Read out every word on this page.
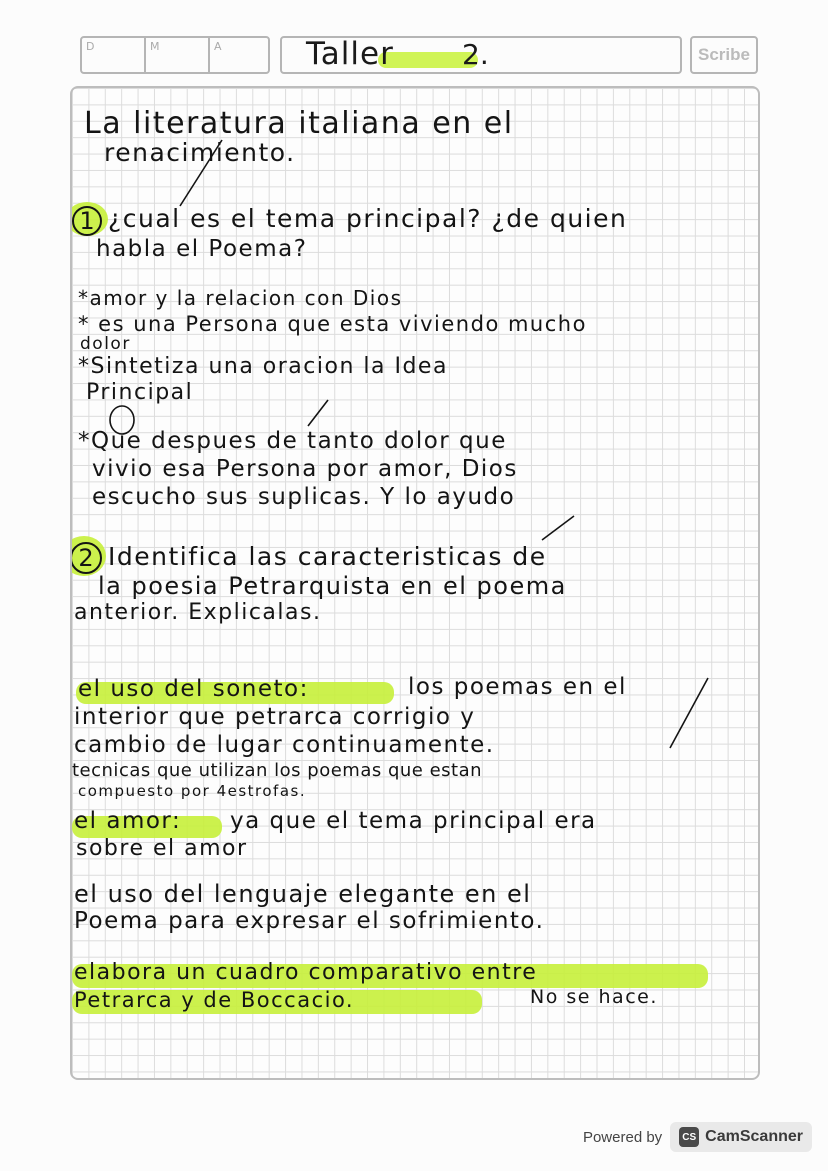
D	M	A	Taller 2.	Scribe
La literatura italiana en el
renacimiento.
1 ¿cual es el tema principal? ¿de quien
habla el Poema?
*amor y la relacion con Dios
* es una Persona que esta viviendo mucho
dolor
*Sintetiza una oracion la Idea
Principal
*Que despues de tanto dolor que
vivio esa Persona por amor, Dios
escucho sus suplicas. Y lo ayudo
2 Identifica las caracteristicas de
la poesia Petrarquista en el poema
anterior. Explicalas.
el uso del soneto:	los poemas en el
interior que petrarca corrigio y
cambio de lugar continuamente.
tecnicas que utilizan los poemas que estan
compuesto por 4estrofas.
el amor: ya que el tema principal era
sobre el amor
el uso del lenguaje elegante en el
Poema para expresar el sofrimiento.
elabora un cuadro comparativo entre
Petrarca y de Boccacio.	No se hace.
Powered by	CS CamScanner
